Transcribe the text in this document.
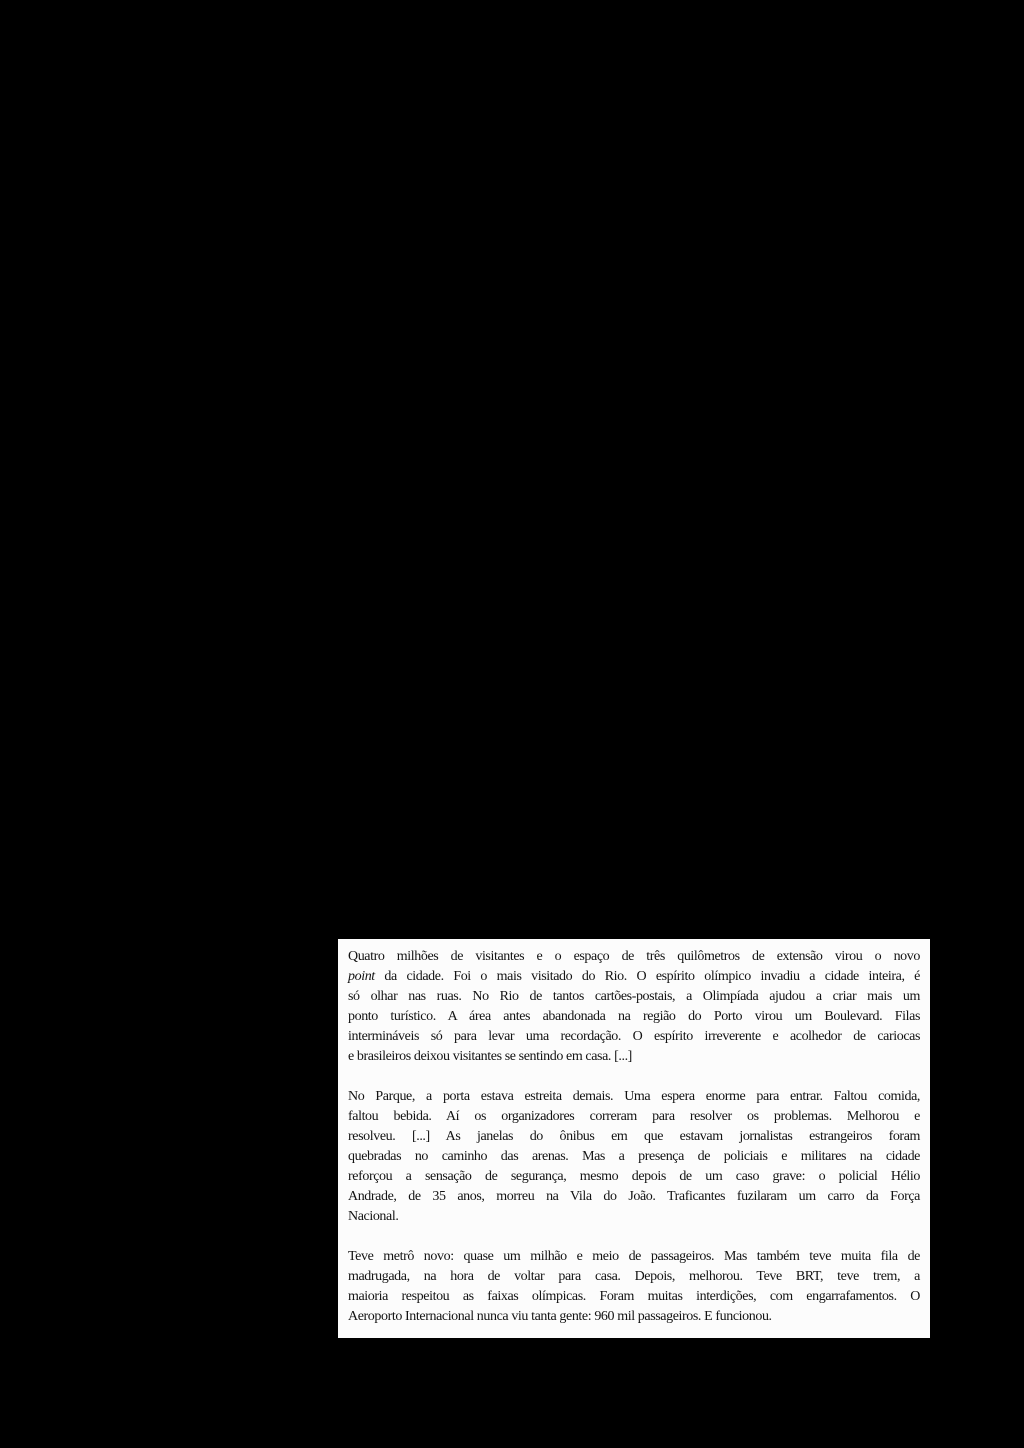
Quatro milhões de visitantes e o espaço de três quilômetros de extensão virou o novo
point da cidade. Foi o mais visitado do Rio. O espírito olímpico invadiu a cidade inteira, é
só olhar nas ruas. No Rio de tantos cartões-postais, a Olimpíada ajudou a criar mais um
ponto turístico. A área antes abandonada na região do Porto virou um Boulevard. Filas
intermináveis só para levar uma recordação. O espírito irreverente e acolhedor de cariocas
e brasileiros deixou visitantes se sentindo em casa. [...]
No Parque, a porta estava estreita demais. Uma espera enorme para entrar. Faltou comida,
faltou bebida. Aí os organizadores correram para resolver os problemas. Melhorou e
resolveu. [...] As janelas do ônibus em que estavam jornalistas estrangeiros foram
quebradas no caminho das arenas. Mas a presença de policiais e militares na cidade
reforçou a sensação de segurança, mesmo depois de um caso grave: o policial Hélio
Andrade, de 35 anos, morreu na Vila do João. Traficantes fuzilaram um carro da Força
Nacional.
Teve metrô novo: quase um milhão e meio de passageiros. Mas também teve muita fila de
madrugada, na hora de voltar para casa. Depois, melhorou. Teve BRT, teve trem, a
maioria respeitou as faixas olímpicas. Foram muitas interdições, com engarrafamentos. O
Aeroporto Internacional nunca viu tanta gente: 960 mil passageiros. E funcionou.
